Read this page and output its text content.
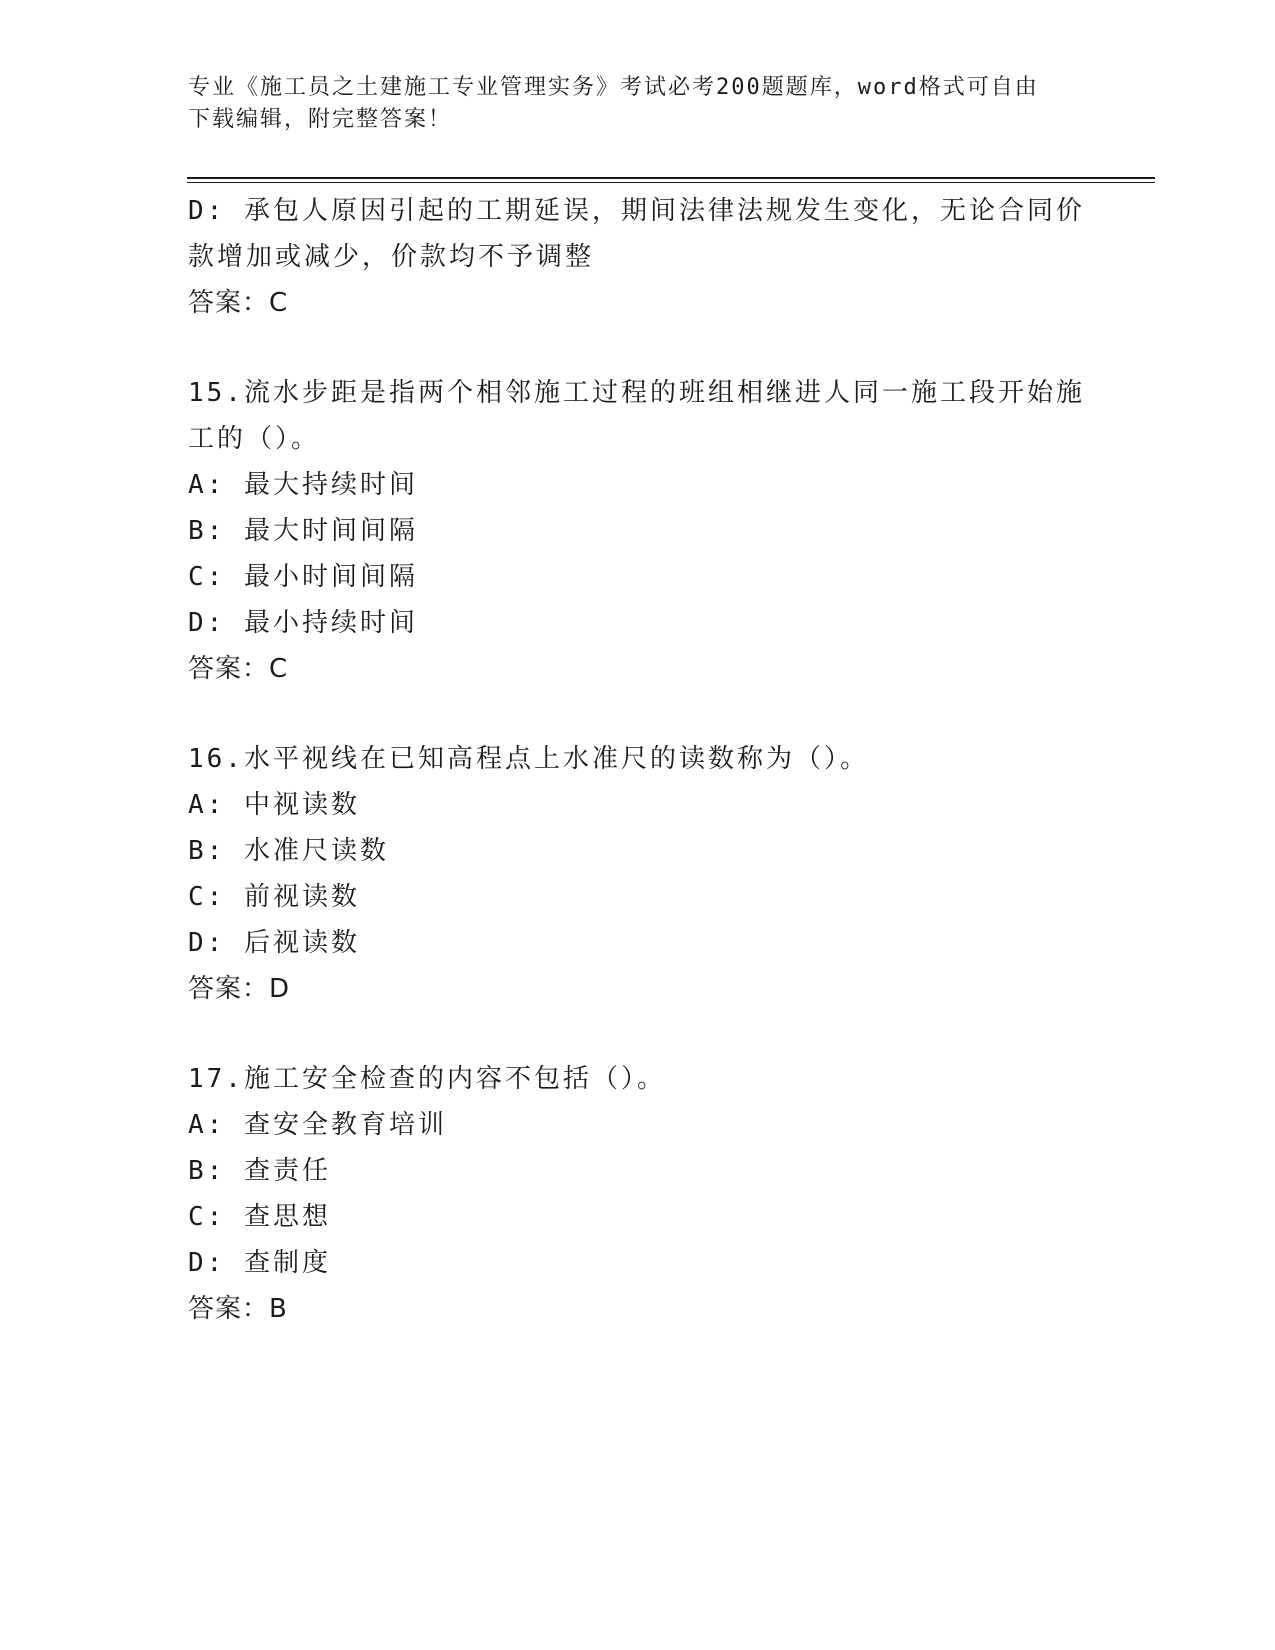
专业《施工员之土建施工专业管理实务》考试必考200题题库，word格式可自由
下载编辑，附完整答案！
D: 承包人原因引起的工期延误，期间法律法规发生变化，无论合同价
款增加或减少，价款均不予调整
答案：C
15.流水步距是指两个相邻施工过程的班组相继进人同一施工段开始施
工的（）。
A: 最大持续时间
B: 最大时间间隔
C: 最小时间间隔
D: 最小持续时间
答案：C
16.水平视线在已知高程点上水准尺的读数称为（）。
A: 中视读数
B: 水准尺读数
C: 前视读数
D: 后视读数
答案：D
17.施工安全检查的内容不包括（）。
A: 查安全教育培训
B: 查责任
C: 查思想
D: 查制度
答案：B
